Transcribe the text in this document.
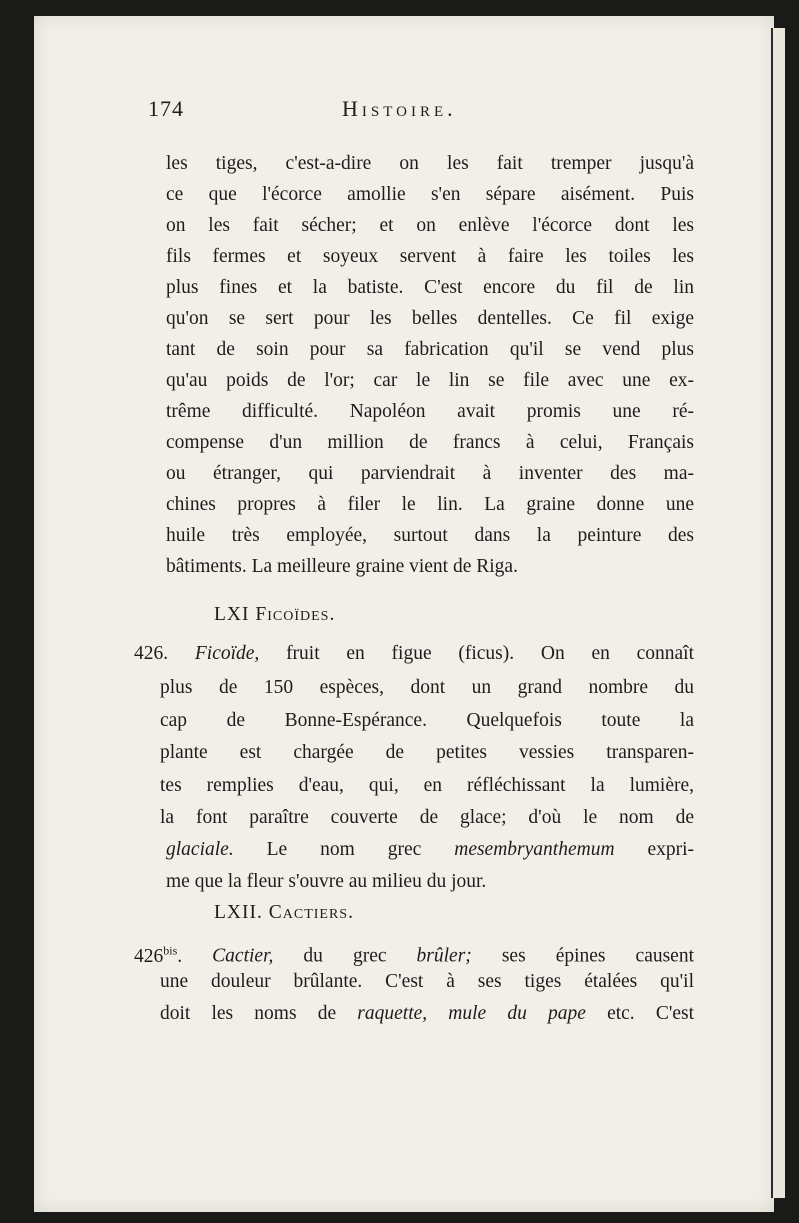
174	Histoire.
les tiges, c'est-a-dire on les fait tremper jusqu'à
ce que l'écorce amollie s'en sépare aisément. Puis
on les fait sécher; et on enlève l'écorce dont les
fils fermes et soyeux servent à faire les toiles les
plus fines et la batiste. C'est encore du fil de lin
qu'on se sert pour les belles dentelles. Ce fil exige
tant de soin pour sa fabrication qu'il se vend plus
qu'au poids de l'or; car le lin se file avec une ex-
trême difficulté. Napoléon avait promis une ré-
compense d'un million de francs à celui, Français
ou étranger, qui parviendrait à inventer des ma-
chines propres à filer le lin. La graine donne une
huile très employée, surtout dans la peinture des
bâtiments. La meilleure graine vient de Riga.
LXI Ficoïdes.
426. Ficoïde, fruit en figue (ficus). On en connaît
plus de 150 espèces, dont un grand nombre du
cap de Bonne-Espérance. Quelquefois toute la
plante est chargée de petites vessies transparen-
tes remplies d'eau, qui, en réfléchissant la lumière,
la font paraître couverte de glace; d'où le nom de
glaciale. Le nom grec mesembryanthemum expri-
me que la fleur s'ouvre au milieu du jour.
LXII. Cactiers.
$426^{bis}$. Cactier, du grec brûler; ses épines causent
une douleur brûlante. C'est à ses tiges étalées qu'il
doit les noms de raquette, mule du pape etc. C'est
